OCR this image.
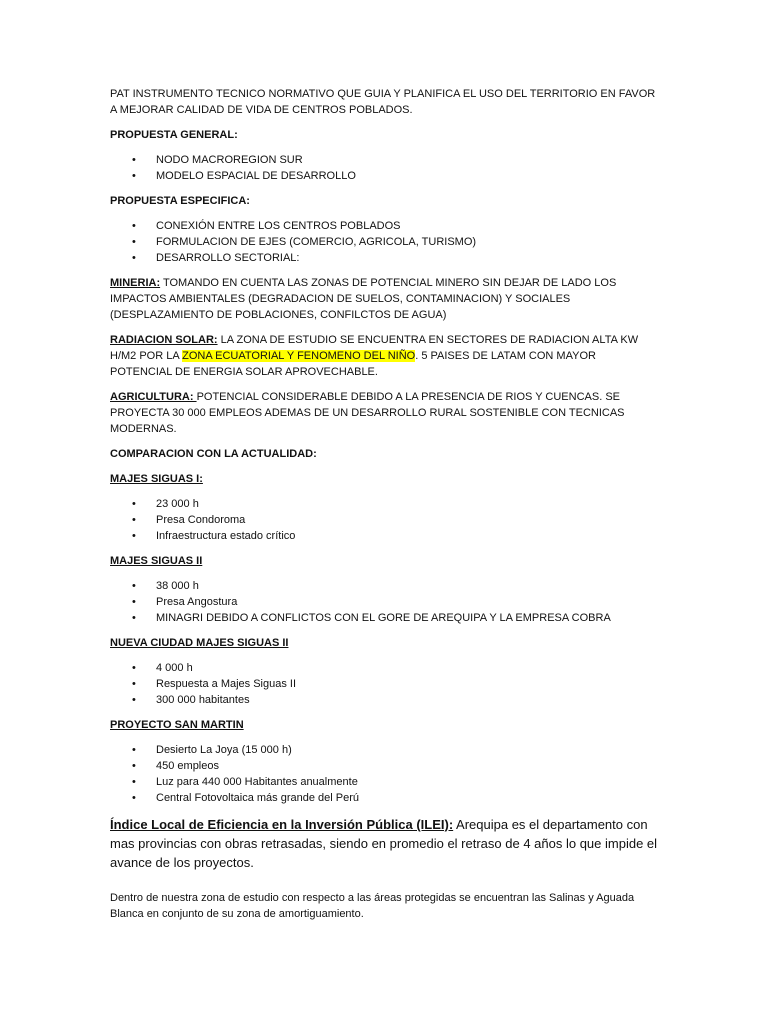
PAT INSTRUMENTO TECNICO NORMATIVO QUE GUIA Y PLANIFICA EL USO DEL TERRITORIO EN FAVOR A MEJORAR CALIDAD DE VIDA DE CENTROS POBLADOS.

PROPUESTA GENERAL:

• NODO MACROREGION SUR
• MODELO ESPACIAL DE DESARROLLO

PROPUESTA ESPECIFICA:

• CONEXIÓN ENTRE LOS CENTROS POBLADOS
• FORMULACION DE EJES (COMERCIO, AGRICOLA, TURISMO)
• DESARROLLO SECTORIAL:

MINERIA: TOMANDO EN CUENTA LAS ZONAS DE POTENCIAL MINERO SIN DEJAR DE LADO LOS IMPACTOS AMBIENTALES (DEGRADACION DE SUELOS, CONTAMINACION) Y SOCIALES (DESPLAZAMIENTO DE POBLACIONES, CONFILCTOS DE AGUA)

RADIACION SOLAR: LA ZONA DE ESTUDIO SE ENCUENTRA EN SECTORES DE RADIACION ALTA KW H/M2 POR LA ZONA ECUATORIAL Y FENOMENO DEL NIÑO. 5 PAISES DE LATAM CON MAYOR POTENCIAL DE ENERGIA SOLAR APROVECHABLE.

AGRICULTURA: POTENCIAL CONSIDERABLE DEBIDO A LA PRESENCIA DE RIOS Y CUENCAS. SE PROYECTA 30 000 EMPLEOS ADEMAS DE UN DESARROLLO RURAL SOSTENIBLE CON TECNICAS MODERNAS.

COMPARACION CON LA ACTUALIDAD:

MAJES SIGUAS I:

• 23 000 h
• Presa Condoroma
• Infraestructura estado crítico

MAJES SIGUAS II

• 38 000 h
• Presa Angostura
• MINAGRI DEBIDO A CONFLICTOS CON EL GORE DE AREQUIPA Y LA EMPRESA COBRA

NUEVA CIUDAD MAJES SIGUAS II

• 4 000 h
• Respuesta a Majes Siguas II
• 300 000 habitantes

PROYECTO SAN MARTIN

• Desierto La Joya (15 000 h)
• 450 empleos
• Luz para 440 000 Habitantes anualmente
• Central Fotovoltaica más grande del Perú

Índice Local de Eficiencia en la Inversión Pública (ILEI): Arequipa es el departamento con mas provincias con obras retrasadas, siendo en promedio el retraso de 4 años lo que impide el avance de los proyectos.

Dentro de nuestra zona de estudio con respecto a las áreas protegidas se encuentran las Salinas y Aguada Blanca en conjunto de su zona de amortiguamiento.
